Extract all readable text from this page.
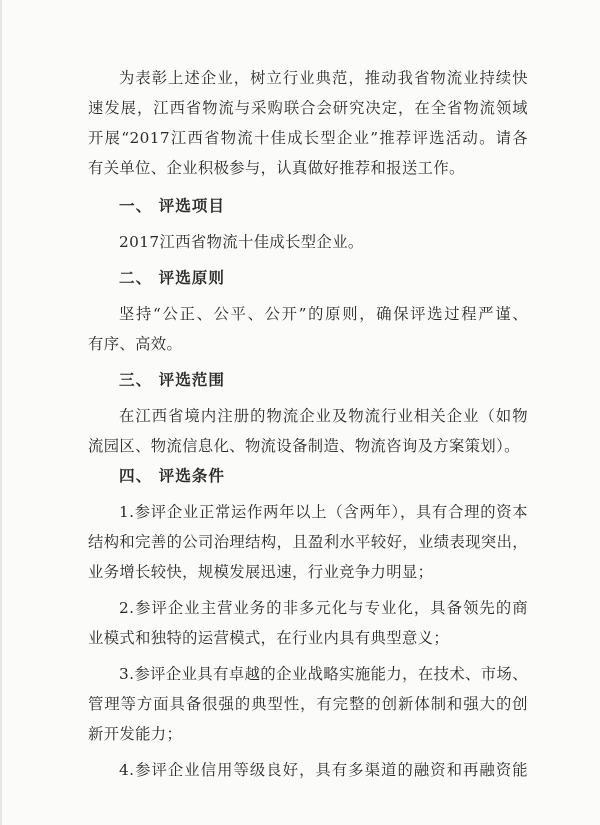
为表彰上述企业，树立行业典范，推动我省物流业持续快
速发展，江西省物流与采购联合会研究决定，在全省物流领域
开展“2017江西省物流十佳成长型企业”推荐评选活动。请各
有关单位、企业积极参与，认真做好推荐和报送工作。
一、 评选项目
2017江西省物流十佳成长型企业。
二、 评选原则
坚持“公正、公平、公开”的原则，确保评选过程严谨、
有序、高效。
三、 评选范围
在江西省境内注册的物流企业及物流行业相关企业（如物
流园区、物流信息化、物流设备制造、物流咨询及方案策划）。
四、 评选条件
1.参评企业正常运作两年以上（含两年），具有合理的资本
结构和完善的公司治理结构，且盈利水平较好，业绩表现突出，
业务增长较快，规模发展迅速，行业竞争力明显；
2.参评企业主营业务的非多元化与专业化，具备领先的商
业模式和独特的运营模式，在行业内具有典型意义；
3.参评企业具有卓越的企业战略实施能力，在技术、市场、
管理等方面具备很强的典型性，有完整的创新体制和强大的创
新开发能力；
4.参评企业信用等级良好，具有多渠道的融资和再融资能
